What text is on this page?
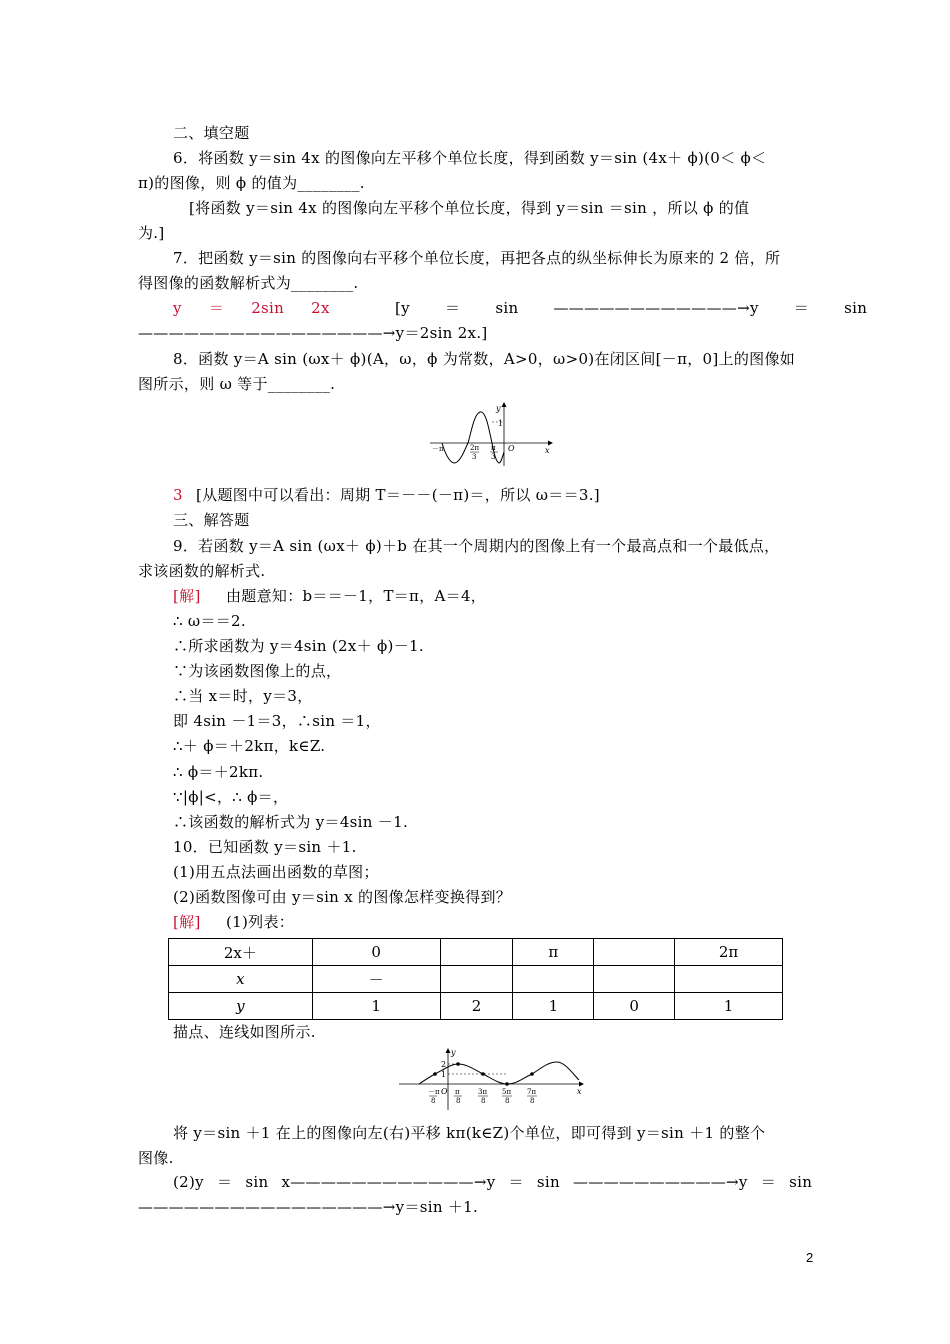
二、填空题
6．将函数 y＝sin 4x 的图像向左平移个单位长度，得到函数 y＝sin (4x＋ ϕ)(0＜ ϕ＜
π)的图像，则 ϕ 的值为________.
[将函数 y＝sin 4x 的图像向左平移个单位长度，得到 y＝sin ＝sin ，所以 ϕ 的值
为.]
7．把函数 y＝sin 的图像向右平移个单位长度，再把各点的纵坐标伸长为原来的 2 倍，所
得图像的函数解析式为________.
y ＝ 2sin 2x	[y ＝ sin ————————————→y ＝ sin
————————————————→y＝2sin 2x.]
8．函数 y＝A sin (ωx＋ ϕ)(A，ω，ϕ 为常数，A>0，ω>0)在闭区间[－π，0]上的图像如
图所示，则 ω 等于________.
y
x
1
O
－π	2π
3
π
3
3 [从题图中可以看出：周期 T＝－－(－π)＝，所以 ω＝＝3.]
三、解答题
9．若函数 y＝A sin (ωx＋ ϕ)＋b 在其一个周期内的图像上有一个最高点和一个最低点，
求该函数的解析式.
[解] 由题意知：b＝＝－1，T＝π，A＝4，
∴ ω＝＝2.
∴所求函数为 y＝4sin (2x＋ ϕ)－1.
∵为该函数图像上的点，
∴当 x＝时，y＝3，
即 4sin －1＝3，∴sin ＝1，
∴＋ ϕ＝＋2kπ，k∈Z.
∴ ϕ＝＋2kπ.
∵|ϕ|<，∴ ϕ＝，
∴该函数的解析式为 y＝4sin －1.
10．已知函数 y＝sin ＋1.
(1)用五点法画出函数的草图；
(2)函数图像可由 y＝sin x 的图像怎样变换得到？
[解] (1)列表：
2x＋	0		π		2π
x	－				
y	1	2	1	0	1
描点、连线如图所示.
y
x
2
1
O
－π
8
π
8
3π
8
5π
8
7π
8
将 y＝sin ＋1 在上的图像向左(右)平移 kπ(k∈Z)个单位，即可得到 y＝sin ＋1 的整个
图像.
(2)y ＝ sin x————————————→y ＝ sin ——————————→y ＝ sin
————————————————→y＝sin ＋1.
2
